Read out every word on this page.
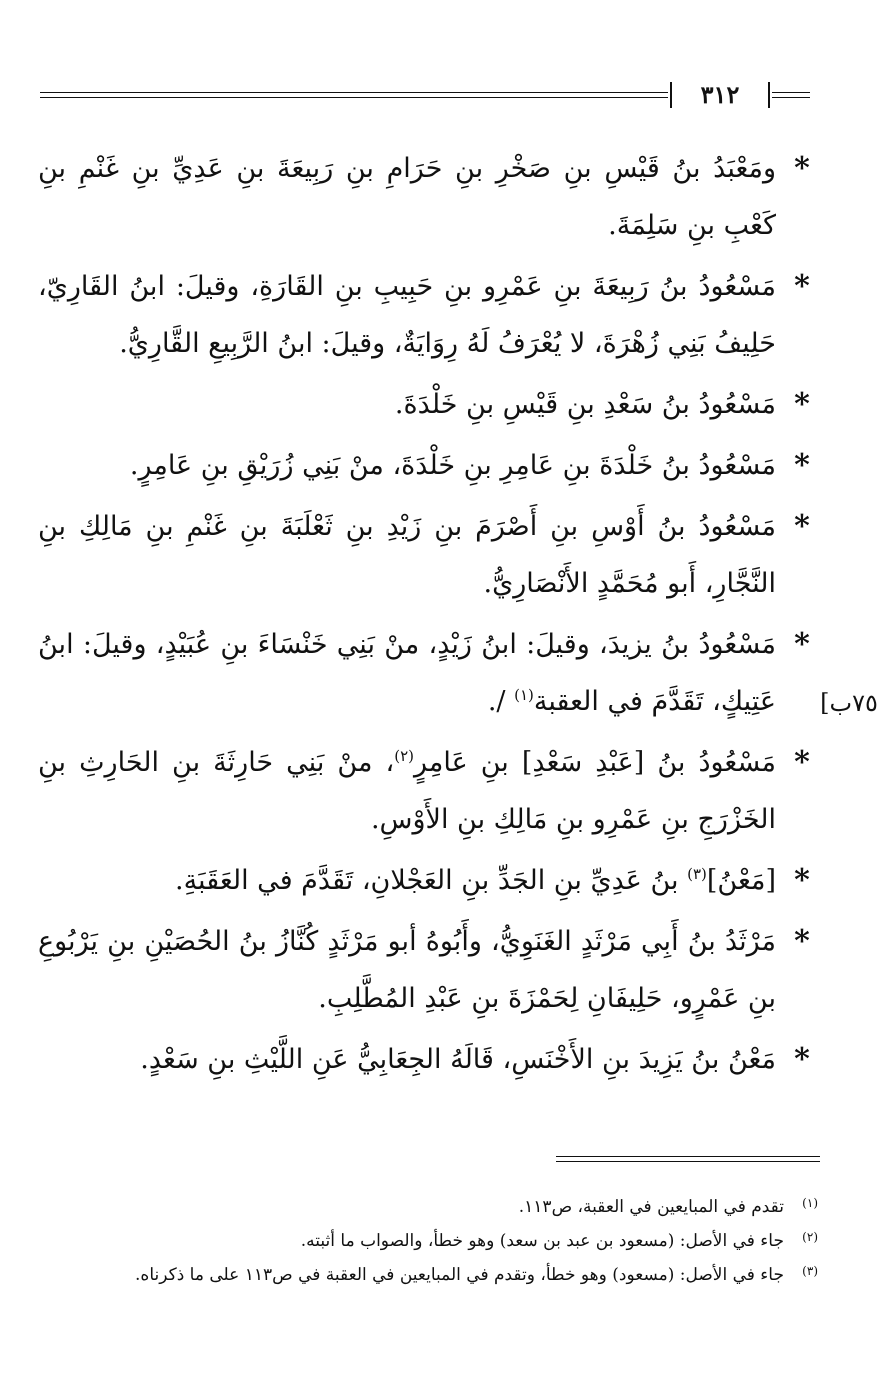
٣١٢
٧٥ب]
*
ومَعْبَدُ بنُ قَيْسِ بنِ صَخْرِ بنِ حَرَامِ بنِ رَبِيعَةَ بنِ عَدِيِّ بنِ غَنْمِ بنِ كَعْبِ بنِ سَلِمَةَ.
*
مَسْعُودُ بنُ رَبِيعَةَ بنِ عَمْرِو بنِ حَبِيبِ بنِ القَارَةِ، وقيلَ: ابنُ القَارِيّ، حَلِيفُ بَنِي زُهْرَةَ، لا يُعْرَفُ لَهُ رِوَايَةٌ، وقيلَ: ابنُ الرَّبِيعِ القَّارِيُّ.
*
مَسْعُودُ بنُ سَعْدِ بنِ قَيْسِ بنِ خَلْدَةَ.
*
مَسْعُودُ بنُ خَلْدَةَ بنِ عَامِرِ بنِ خَلْدَةَ، منْ بَنِي زُرَيْقِ بنِ عَامِرٍ.
*
مَسْعُودُ بنُ أَوْسِ بنِ أَصْرَمَ بنِ زَيْدِ بنِ ثَعْلَبَةَ بنِ غَنْمِ بنِ مَالِكِ بنِ النَّجَّارِ، أَبو مُحَمَّدٍ الأَنْصَارِيُّ.
*
مَسْعُودُ بنُ يزيدَ، وقيلَ: ابنُ زَيْدٍ، منْ بَنِي خَنْسَاءَ بنِ عُبَيْدٍ، وقيلَ: ابنُ عَتِيكٍ، تَقَدَّمَ في العقبة$^{(١)}$ /.
*
مَسْعُودُ بنُ [عَبْدِ سَعْدِ] بنِ عَامِرٍ$^{(٢)}$، منْ بَنِي حَارِثَةَ بنِ الحَارِثِ بنِ الخَزْرَجِ بنِ عَمْرِو بنِ مَالِكِ بنِ الأَوْسِ.
*
[مَعْنُ]$^{(٣)}$ بنُ عَدِيِّ بنِ الجَدِّ بنِ العَجْلانِ، تَقَدَّمَ في العَقَبَةِ.
*
مَرْثَدُ بنُ أَبِي مَرْثَدٍ الغَنَوِيُّ، وأَبُوهُ أبو مَرْثَدٍ كُنَّازُ بنُ الحُصَيْنِ بنِ يَرْبُوعِ بنِ عَمْرٍو، حَلِيفَانِ لِحَمْزَةَ بنِ عَبْدِ المُطَّلِبِ.
*
مَعْنُ بنُ يَزِيدَ بنِ الأَخْنَسِ، قَالَهُ الجِعَابِيُّ عَنِ اللَّيْثِ بنِ سَعْدٍ.
(١)
تقدم في المبايعين في العقبة، ص١١٣.
(٢)
جاء في الأصل: (مسعود بن عبد بن سعد) وهو خطأ، والصواب ما أثبته.
(٣)
جاء في الأصل: (مسعود) وهو خطأ، وتقدم في المبايعين في العقبة في ص١١٣ على ما ذكرناه.
